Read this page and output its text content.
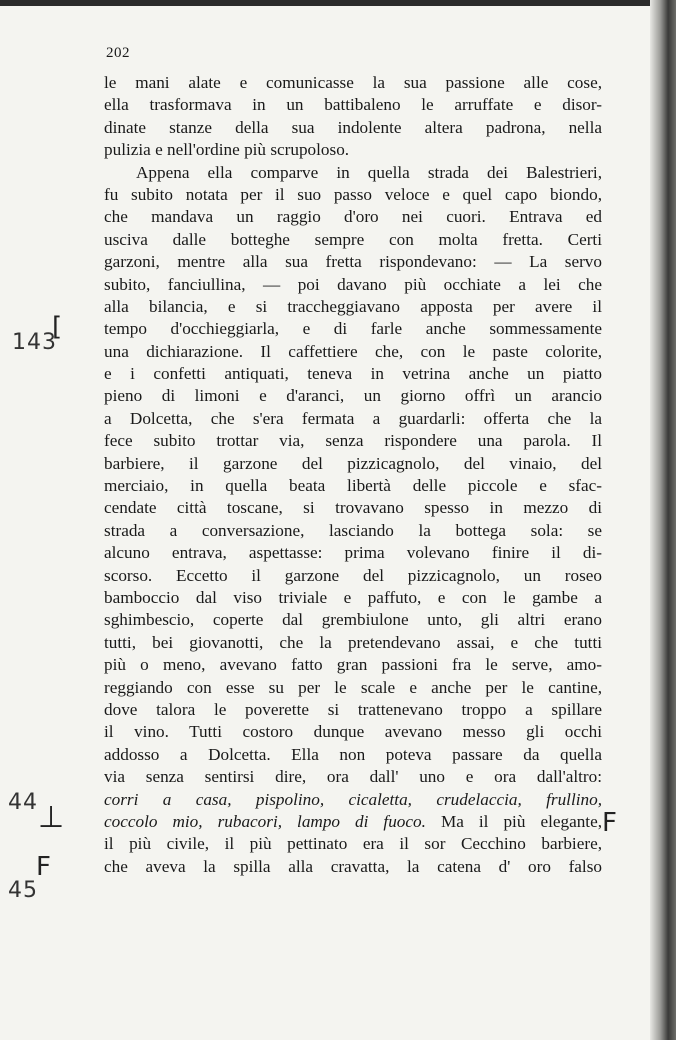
202
le mani alate e comunicasse la sua passione alle cose,
ella trasformava in un battibaleno le arruffate e disor-
dinate stanze della sua indolente altera padrona, nella
pulizia e nell'ordine più scrupoloso.
Appena ella comparve in quella strada dei Balestrieri,
fu subito notata per il suo passo veloce e quel capo biondo,
che mandava un raggio d'oro nei cuori. Entrava ed
usciva dalle botteghe sempre con molta fretta. Certi
garzoni, mentre alla sua fretta rispondevano: — La servo
subito, fanciullina, — poi davano più occhiate a lei che
alla bilancia, e si traccheggiavano apposta per avere il
tempo d'occhieggiarla, e di farle anche sommessamente
una dichiarazione. Il caffettiere che, con le paste colorite,
e i confetti antiquati, teneva in vetrina anche un piatto
pieno di limoni e d'aranci, un giorno offrì un arancio
a Dolcetta, che s'era fermata a guardarli: offerta che la
fece subito trottar via, senza rispondere una parola. Il
barbiere, il garzone del pizzicagnolo, del vinaio, del
merciaio, in quella beata libertà delle piccole e sfac-
cendate città toscane, si trovavano spesso in mezzo di
strada a conversazione, lasciando la bottega sola: se
alcuno entrava, aspettasse: prima volevano finire il di-
scorso. Eccetto il garzone del pizzicagnolo, un roseo
bamboccio dal viso triviale e paffuto, e con le gambe a
sghimbescio, coperte dal grembiulone unto, gli altri erano
tutti, bei giovanotti, che la pretendevano assai, e che tutti
più o meno, avevano fatto gran passioni fra le serve, amo-
reggiando con esse su per le scale e anche per le cantine,
dove talora le poverette si trattenevano troppo a spillare
il vino. Tutti costoro dunque avevano messo gli occhi
addosso a Dolcetta. Ella non poteva passare da quella
via senza sentirsi dire, ora dall' uno e ora dall'altro:
corri a casa, pispolino, cicaletta, crudelaccia, frullino,
coccolo mio, rubacori, lampo di fuoco. Ma il più elegante,
il più civile, il più pettinato era il sor Cecchino barbiere,
che aveva la spilla alla cravatta, la catena d' oro falso
143
44
45
[
⊥
F
F
